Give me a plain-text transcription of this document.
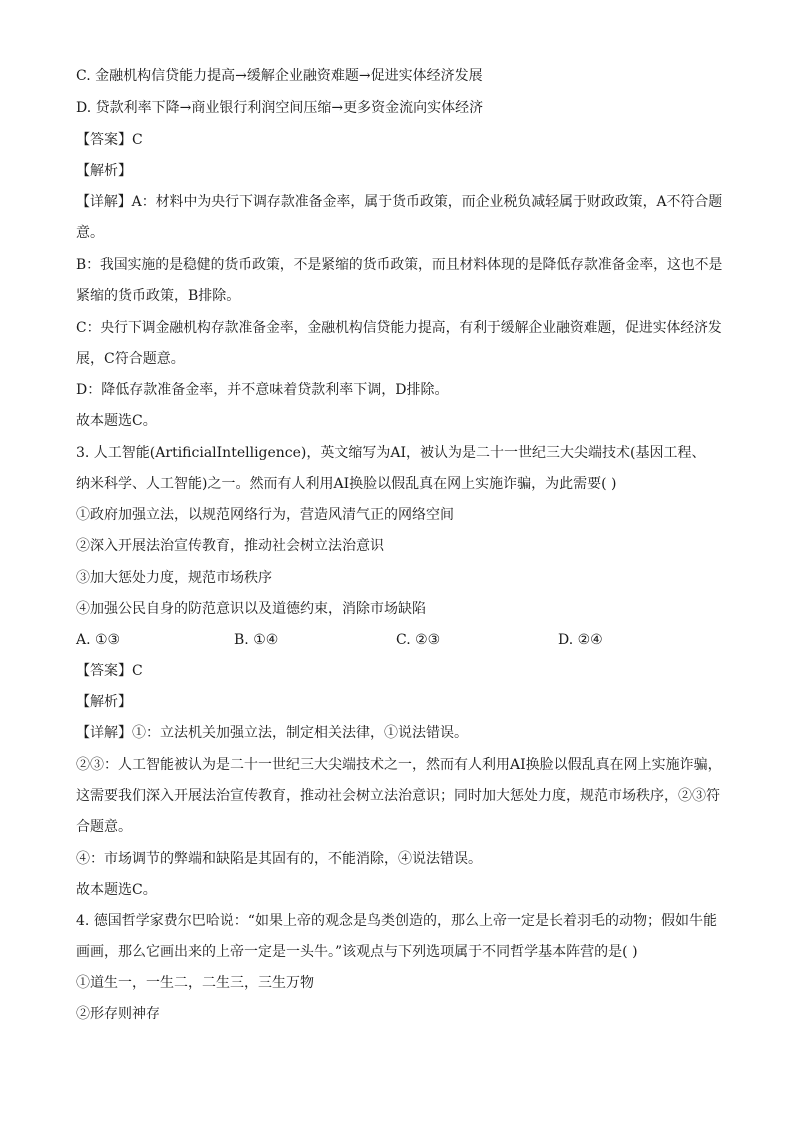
C. 金融机构信贷能力提高→缓解企业融资难题→促进实体经济发展
D. 贷款利率下降→商业银行利润空间压缩→更多资金流向实体经济
【答案】C
【解析】
【详解】A：材料中为央行下调存款准备金率，属于货币政策，而企业税负减轻属于财政政策，A不符合题
意。
B：我国实施的是稳健的货币政策，不是紧缩的货币政策，而且材料体现的是降低存款准备金率，这也不是
紧缩的货币政策，B排除。
C：央行下调金融机构存款准备金率，金融机构信贷能力提高，有利于缓解企业融资难题，促进实体经济发
展，C符合题意。
D：降低存款准备金率，并不意味着贷款利率下调，D排除。
故本题选C。
3. 人工智能(ArtificialIntelligence)，英文缩写为AI，被认为是二十一世纪三大尖端技术(基因工程、
纳米科学、人工智能)之一。然而有人利用AI换脸以假乱真在网上实施诈骗，为此需要( )
①政府加强立法，以规范网络行为，营造风清气正的网络空间
②深入开展法治宣传教育，推动社会树立法治意识
③加大惩处力度，规范市场秩序
④加强公民自身的防范意识以及道德约束，消除市场缺陷
A. ①③	B. ①④	C. ②③	D. ②④
【答案】C
【解析】
【详解】①：立法机关加强立法，制定相关法律，①说法错误。
②③：人工智能被认为是二十一世纪三大尖端技术之一，然而有人利用AI换脸以假乱真在网上实施诈骗，
这需要我们深入开展法治宣传教育，推动社会树立法治意识；同时加大惩处力度，规范市场秩序，②③符
合题意。
④：市场调节的弊端和缺陷是其固有的，不能消除，④说法错误。
故本题选C。
4. 德国哲学家费尔巴哈说：“如果上帝的观念是鸟类创造的，那么上帝一定是长着羽毛的动物；假如牛能
画画，那么它画出来的上帝一定是一头牛。”该观点与下列选项属于不同哲学基本阵营的是( )
①道生一，一生二，二生三，三生万物
②形存则神存
